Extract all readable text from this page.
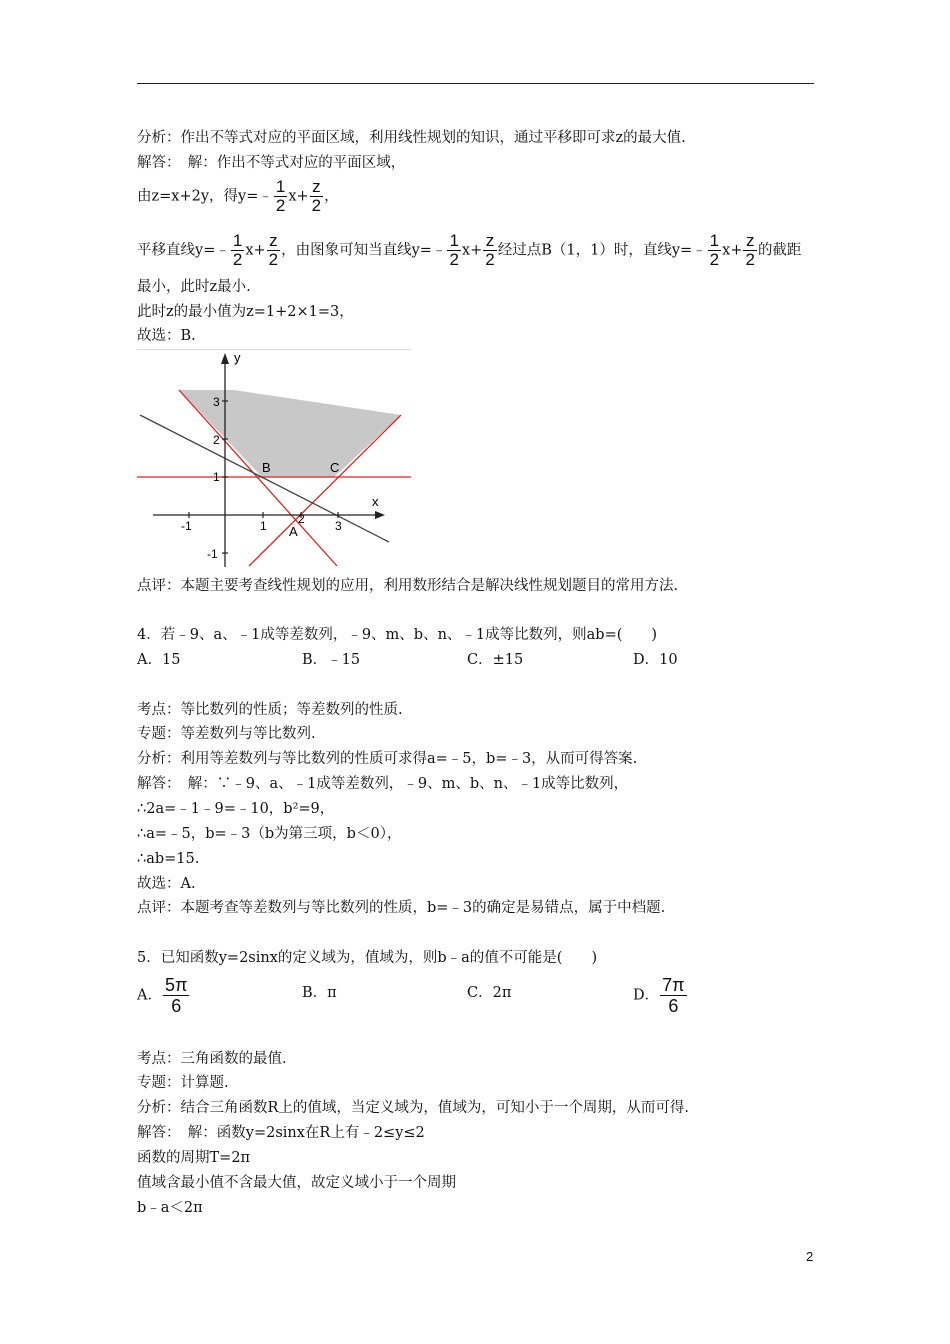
分析：作出不等式对应的平面区域，利用线性规划的知识，通过平移即可求z的最大值.
解答：　解：作出不等式对应的平面区域，
由z=x+2y，得y=﹣ $\frac{1}{2} x+ \frac{z}{2}$ ，
平移直线y=﹣ $\frac{1}{2} x+ \frac{z}{2}$ ，由图象可知当直线y=﹣ $\frac{1}{2} x+ \frac{z}{2}$ 经过点B（1，1）时，直线y=﹣ $\frac{1}{2} x+ \frac{z}{2}$ 的截距
最小，此时z最小.
此时z的最小值为z=1+2×1=3，
故选：B.
x
y
-1	1	2	3
3
2
1
-1
B	C
A
点评：本题主要考查线性规划的应用，利用数形结合是解决线性规划题目的常用方法.
4．若﹣9、a、﹣1成等差数列，﹣9、m、b、n、﹣1成等比数列，则ab=(　　)
A．15	B．﹣15	C．±15	D．10
考点：等比数列的性质；等差数列的性质.
专题：等差数列与等比数列.
分析：利用等差数列与等比数列的性质可求得a=﹣5，b=﹣3，从而可得答案.
解答：　解：∵﹣9、a、﹣1成等差数列，﹣9、m、b、n、﹣1成等比数列，
∴2a=﹣1﹣9=﹣10，b²=9，
∴a=﹣5，b=﹣3（b为第三项，b＜0），
∴ab=15.
故选：A.
点评：本题考查等差数列与等比数列的性质，b=﹣3的确定是易错点，属于中档题.
5．已知函数y=2sinx的定义域为，值域为，则b﹣a的值不可能是(　　)
A． $\frac{5\pi}{6}$	B．π	C．2π	D． $\frac{7\pi}{6}$
考点：三角函数的最值.
专题：计算题.
分析：结合三角函数R上的值域，当定义域为，值域为，可知小于一个周期，从而可得.
解答：　解：函数y=2sinx在R上有﹣2≤y≤2
函数的周期T=2π
值域含最小值不含最大值，故定义域小于一个周期
b﹣a＜2π
2
